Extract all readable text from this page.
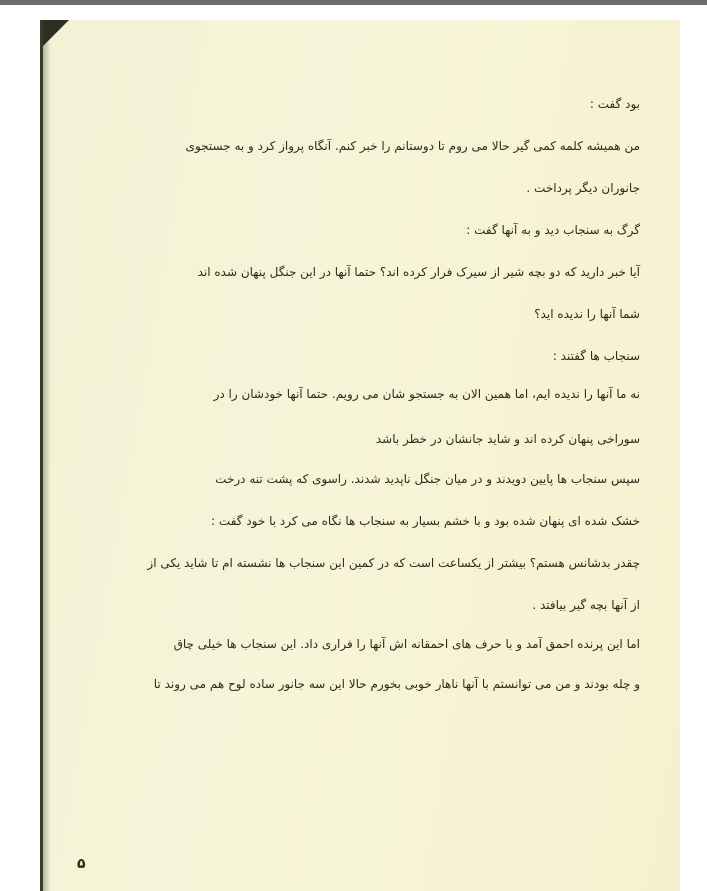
بود گفت :
من همیشه کلمه کمی گیر حالا می روم تا دوستانم را خبر کنم. آنگاه پرواز کرد و به جستجوی
جانوران دیگر پرداخت .
گرگ به سنجاب دید و به آنها گفت :
آیا خبر دارید که دو بچه شیر از سیرک فرار کرده اند؟ حتما آنها در این جنگل پنهان شده اند
شما آنها را ندیده اید؟
سنجاب ها گفتند :
نه ما آنها را ندیده ایم، اما همین الان به جستجو شان می رویم. حتما آنها خودشان را در
سوراخی پنهان کرده اند و شاید جانشان در خطر باشد
سپس سنجاب ها پایین دویدند و در میان جنگل ناپدید شدند. راسوی که پشت تنه درخت
خشک شده ای پنهان شده بود و با خشم بسیار به سنجاب ها نگاه می کرد با خود گفت :
چقدر بدشانس هستم؟ بیشتر از یکساعت است که در کمین این سنجاب ها نشسته ام تا شاید یکی از
از آنها بچه گیر بیافتد .
اما این پرنده احمق آمد و با حرف های احمقانه اش آنها را فراری داد. این سنجاب ها خیلی چاق
و چله بودند و من می توانستم با آنها ناهار خوبی بخورم حالا این سه جانور ساده لوح هم می روند تا
۵
